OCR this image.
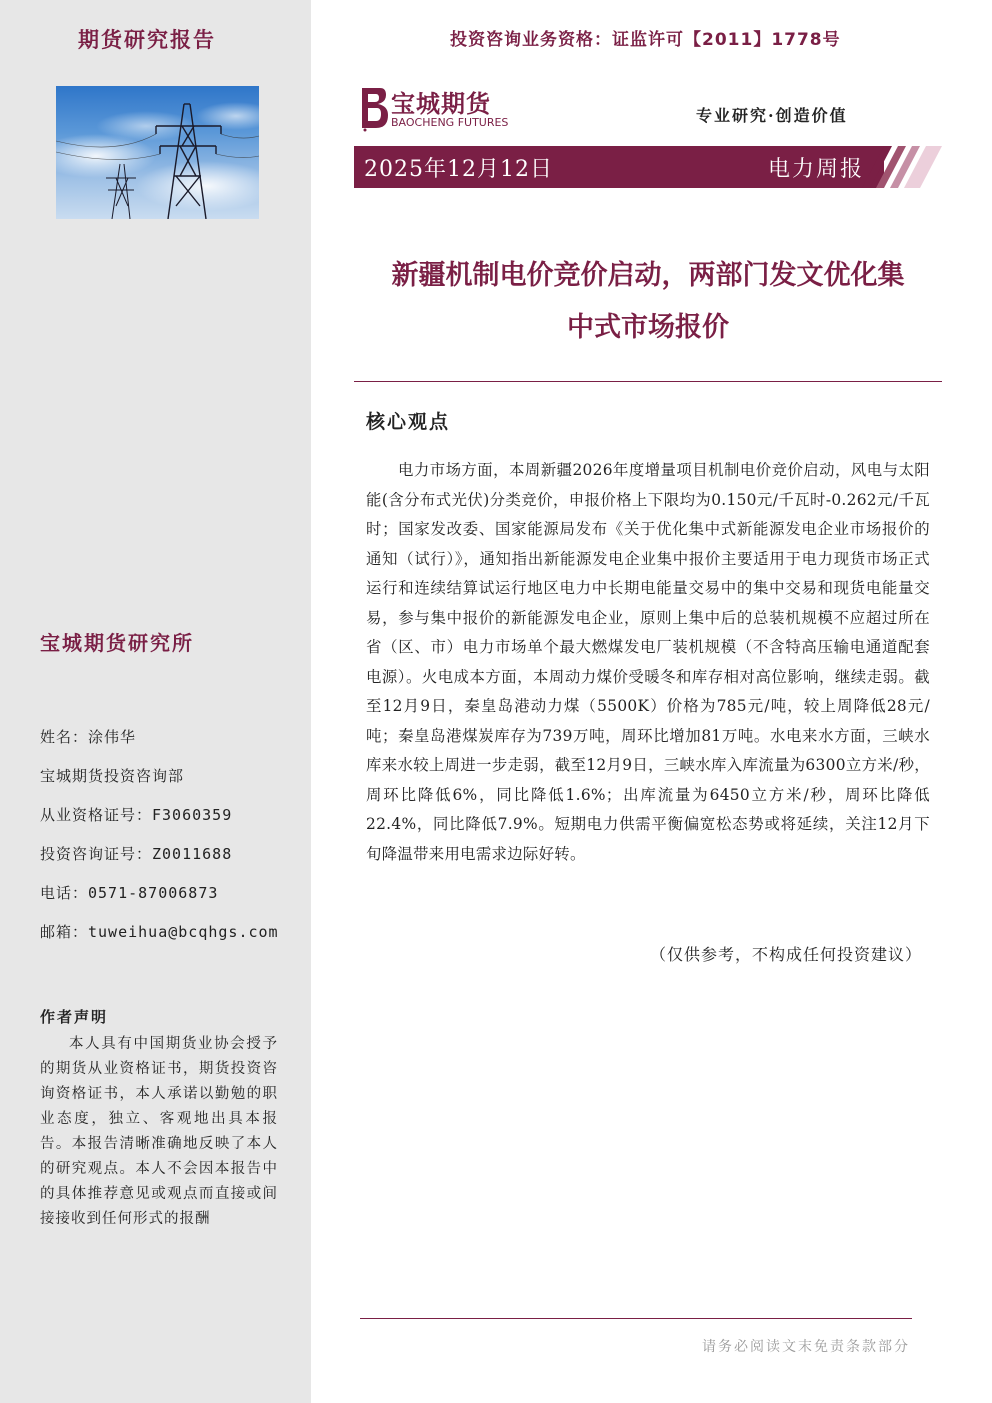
期货研究报告
宝城期货研究所
姓名：涂伟华
宝城期货投资咨询部
从业资格证号：F3060359
投资咨询证号：Z0011688
电话：0571-87006873
邮箱：tuweihua@bcqhgs.com
作者声明
本人具有中国期货业协会授予的期货从业资格证书，期货投资咨询资格证书，本人承诺以勤勉的职业态度，独立、客观地出具本报告。本报告清晰准确地反映了本人的研究观点。本人不会因本报告中的具体推荐意见或观点而直接或间接接收到任何形式的报酬
投资咨询业务资格：证监许可【2011】1778号
宝城期货
BAOCHENG FUTURES	专业研究·创造价值
2025年12月12日	电力周报
新疆机制电价竞价启动，两部门发文优化集
中式市场报价
核心观点
电力市场方面，本周新疆2026年度增量项目机制电价竞价启动，风电与太阳能(含分布式光伏)分类竞价，申报价格上下限均为0.150元/千瓦时-0.262元/千瓦时；国家发改委、国家能源局发布《关于优化集中式新能源发电企业市场报价的通知（试行）》，通知指出新能源发电企业集中报价主要适用于电力现货市场正式运行和连续结算试运行地区电力中长期电能量交易中的集中交易和现货电能量交易，参与集中报价的新能源发电企业，原则上集中后的总装机规模不应超过所在省（区、市）电力市场单个最大燃煤发电厂装机规模（不含特高压输电通道配套电源）。火电成本方面，本周动力煤价受暖冬和库存相对高位影响，继续走弱。截至12月9日，秦皇岛港动力煤（5500K）价格为785元/吨，较上周降低28元/吨；秦皇岛港煤炭库存为739万吨，周环比增加81万吨。水电来水方面，三峡水库来水较上周进一步走弱，截至12月9日，三峡水库入库流量为6300立方米/秒，周环比降低6%，同比降低1.6%；出库流量为6450立方米/秒，周环比降低22.4%，同比降低7.9%。短期电力供需平衡偏宽松态势或将延续，关注12月下旬降温带来用电需求边际好转。
（仅供参考，不构成任何投资建议）
请务必阅读文末免责条款部分
